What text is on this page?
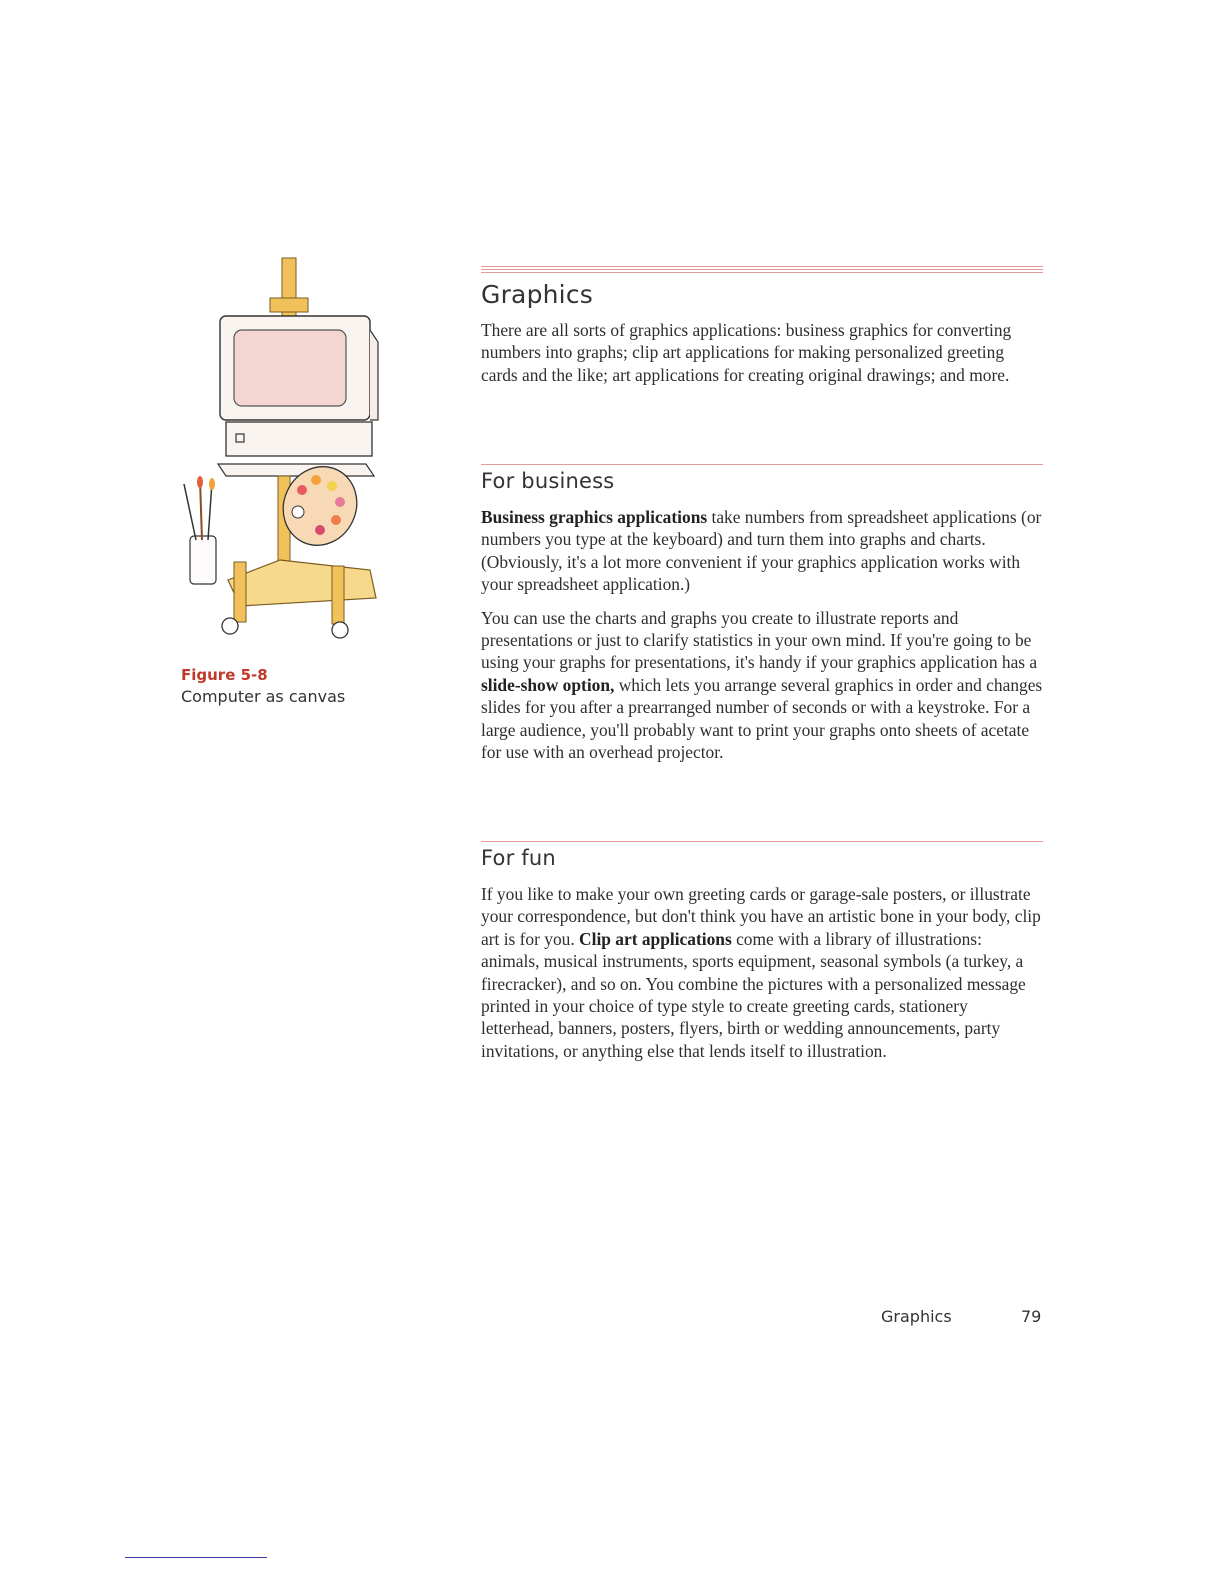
Figure 5-8
Computer as canvas
Graphics

There are all sorts of graphics applications: business graphics for converting numbers into graphs; clip art applications for making personalized greeting cards and the like; art applications for creating original drawings; and more.

For business

Business graphics applications take numbers from spreadsheet applications (or numbers you type at the keyboard) and turn them into graphs and charts. (Obviously, it's a lot more convenient if your graphics application works with your spreadsheet application.)

You can use the charts and graphs you create to illustrate reports and presentations or just to clarify statistics in your own mind. If you're going to be using your graphs for presentations, it's handy if your graphics application has a slide-show option, which lets you arrange several graphics in order and changes slides for you after a prearranged number of seconds or with a keystroke. For a large audience, you'll probably want to print your graphs onto sheets of acetate for use with an overhead projector.

For fun

If you like to make your own greeting cards or garage-sale posters, or illustrate your correspondence, but don't think you have an artistic bone in your body, clip art is for you. Clip art applications come with a library of illustrations: animals, musical instruments, sports equipment, seasonal symbols (a turkey, a firecracker), and so on. You combine the pictures with a personalized message printed in your choice of type style to create greeting cards, stationery letterhead, banners, posters, flyers, birth or wedding announcements, party invitations, or anything else that lends itself to illustration.

Graphics	79
